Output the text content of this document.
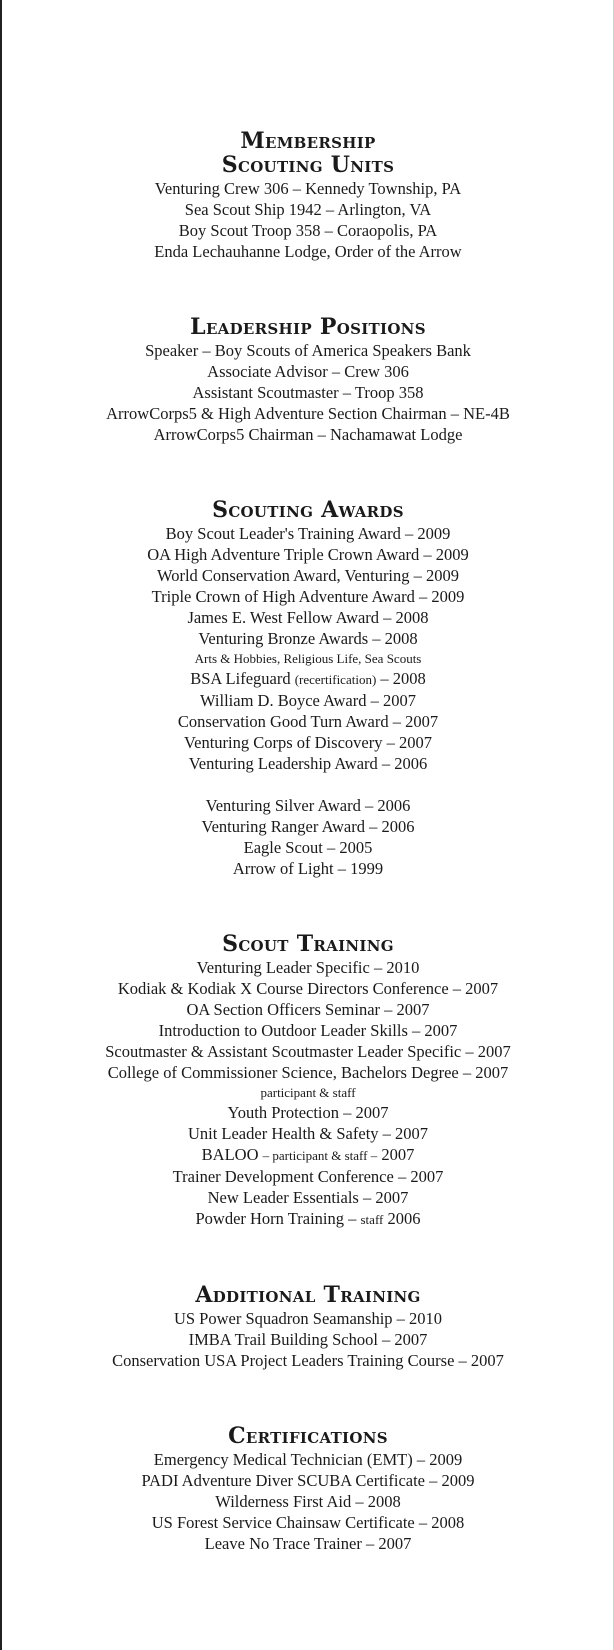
Membership
Scouting Units
Venturing Crew 306 – Kennedy Township, PA
Sea Scout Ship 1942 – Arlington, VA
Boy Scout Troop 358 – Coraopolis, PA
Enda Lechauhanne Lodge, Order of the Arrow
Leadership Positions
Speaker – Boy Scouts of America Speakers Bank
Associate Advisor – Crew 306
Assistant Scoutmaster – Troop 358
ArrowCorps5 & High Adventure Section Chairman – NE-4B
ArrowCorps5 Chairman – Nachamawat Lodge
Scouting Awards
Boy Scout Leader's Training Award – 2009
OA High Adventure Triple Crown Award – 2009
World Conservation Award, Venturing – 2009
Triple Crown of High Adventure Award – 2009
James E. West Fellow Award – 2008
Venturing Bronze Awards – 2008
Arts & Hobbies, Religious Life, Sea Scouts
BSA Lifeguard (recertification) – 2008
William D. Boyce Award – 2007
Conservation Good Turn Award – 2007
Venturing Corps of Discovery – 2007
Venturing Leadership Award – 2006
Venturing Silver Award – 2006
Venturing Ranger Award – 2006
Eagle Scout – 2005
Arrow of Light – 1999
Scout Training
Venturing Leader Specific – 2010
Kodiak & Kodiak X Course Directors Conference – 2007
OA Section Officers Seminar – 2007
Introduction to Outdoor Leader Skills – 2007
Scoutmaster & Assistant Scoutmaster Leader Specific – 2007
College of Commissioner Science, Bachelors Degree – 2007
participant & staff
Youth Protection – 2007
Unit Leader Health & Safety – 2007
BALOO – participant & staff – 2007
Trainer Development Conference – 2007
New Leader Essentials – 2007
Powder Horn Training – staff 2006
Additional Training
US Power Squadron Seamanship – 2010
IMBA Trail Building School – 2007
Conservation USA Project Leaders Training Course – 2007
Certifications
Emergency Medical Technician (EMT) – 2009
PADI Adventure Diver SCUBA Certificate – 2009
Wilderness First Aid – 2008
US Forest Service Chainsaw Certificate – 2008
Leave No Trace Trainer – 2007
